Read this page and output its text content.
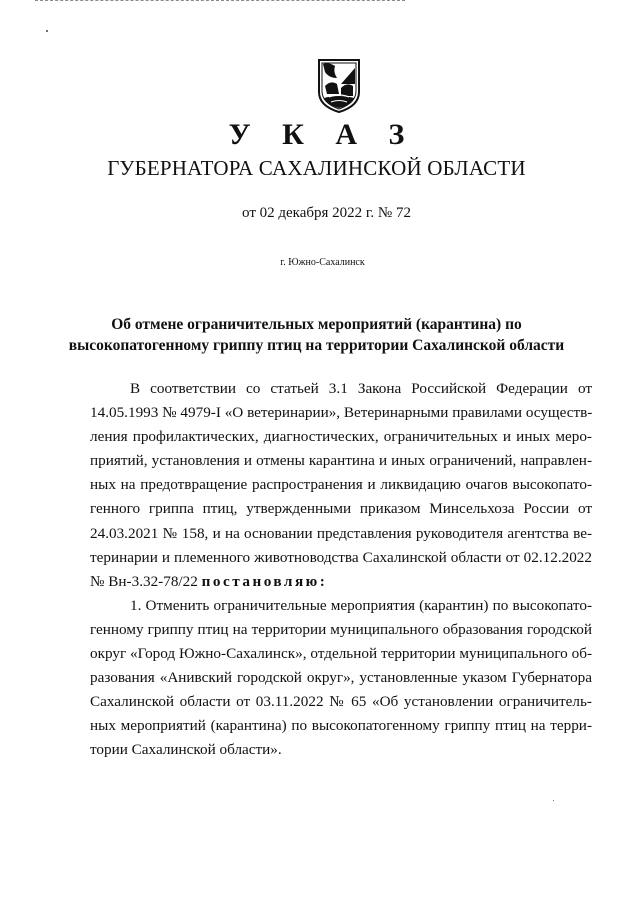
У К А З
ГУБЕРНАТОРА САХАЛИНСКОЙ ОБЛАСТИ
от 02 декабря 2022 г. № 72
г. Южно-Сахалинск
Об отмене ограничительных мероприятий (карантина) по
высокопатогенному гриппу птиц на территории Сахалинской области
В соответствии со статьей 3.1 Закона Российской Федерации от
14.05.1993 № 4979-I «О ветеринарии», Ветеринарными правилами осуществ-
ления профилактических, диагностических, ограничительных и иных меро-
приятий, установления и отмены карантина и иных ограничений, направлен-
ных на предотвращение распространения и ликвидацию очагов высокопато-
генного гриппа птиц, утвержденными приказом Минсельхоза России от
24.03.2021 № 158, и на основании представления руководителя агентства ве-
теринарии и племенного животноводства Сахалинской области от 02.12.2022
№ Вн-3.32-78/22 постановляю:
1. Отменить ограничительные мероприятия (карантин) по высокопато-
генному гриппу птиц на территории муниципального образования городской
округ «Город Южно-Сахалинск», отдельной территории муниципального об-
разования «Анивский городской округ», установленные указом Губернатора
Сахалинской области от 03.11.2022 № 65 «Об установлении ограничитель-
ных мероприятий (карантина) по высокопатогенному гриппу птиц на терри-
тории Сахалинской области».
